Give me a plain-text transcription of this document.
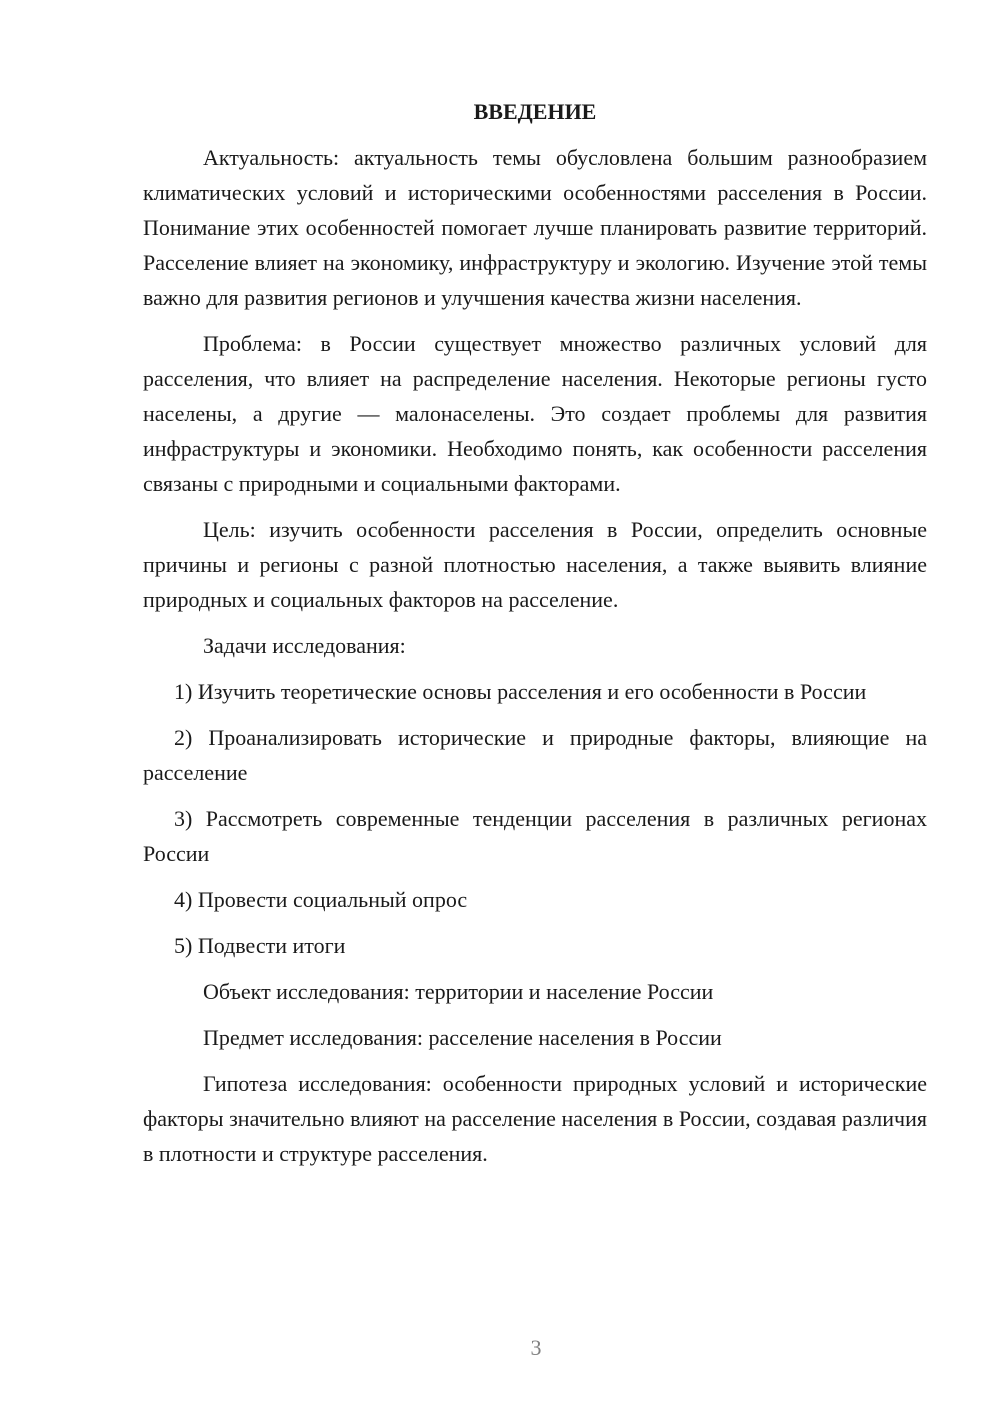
ВВЕДЕНИЕ

Актуальность: актуальность темы обусловлена большим разнообразием климатических условий и историческими особенностями расселения в России. Понимание этих особенностей помогает лучше планировать развитие территорий. Расселение влияет на экономику, инфраструктуру и экологию. Изучение этой темы важно для развития регионов и улучшения качества жизни населения.

Проблема: в России существует множество различных условий для расселения, что влияет на распределение населения. Некоторые регионы густо населены, а другие — малонаселены. Это создает проблемы для развития инфраструктуры и экономики. Необходимо понять, как особенности расселения связаны с природными и социальными факторами.

Цель: изучить особенности расселения в России, определить основные причины и регионы с разной плотностью населения, а также выявить влияние природных и социальных факторов на расселение.

Задачи исследования:

1) Изучить теоретические основы расселения и его особенности в России

2) Проанализировать исторические и природные факторы, влияющие на расселение

3) Рассмотреть современные тенденции расселения в различных регионах России

4) Провести социальный опрос

5) Подвести итоги

Объект исследования: территории и население России

Предмет исследования: расселение населения в России

Гипотеза исследования: особенности природных условий и исторические факторы значительно влияют на расселение населения в России, создавая различия в плотности и структуре расселения.

3
